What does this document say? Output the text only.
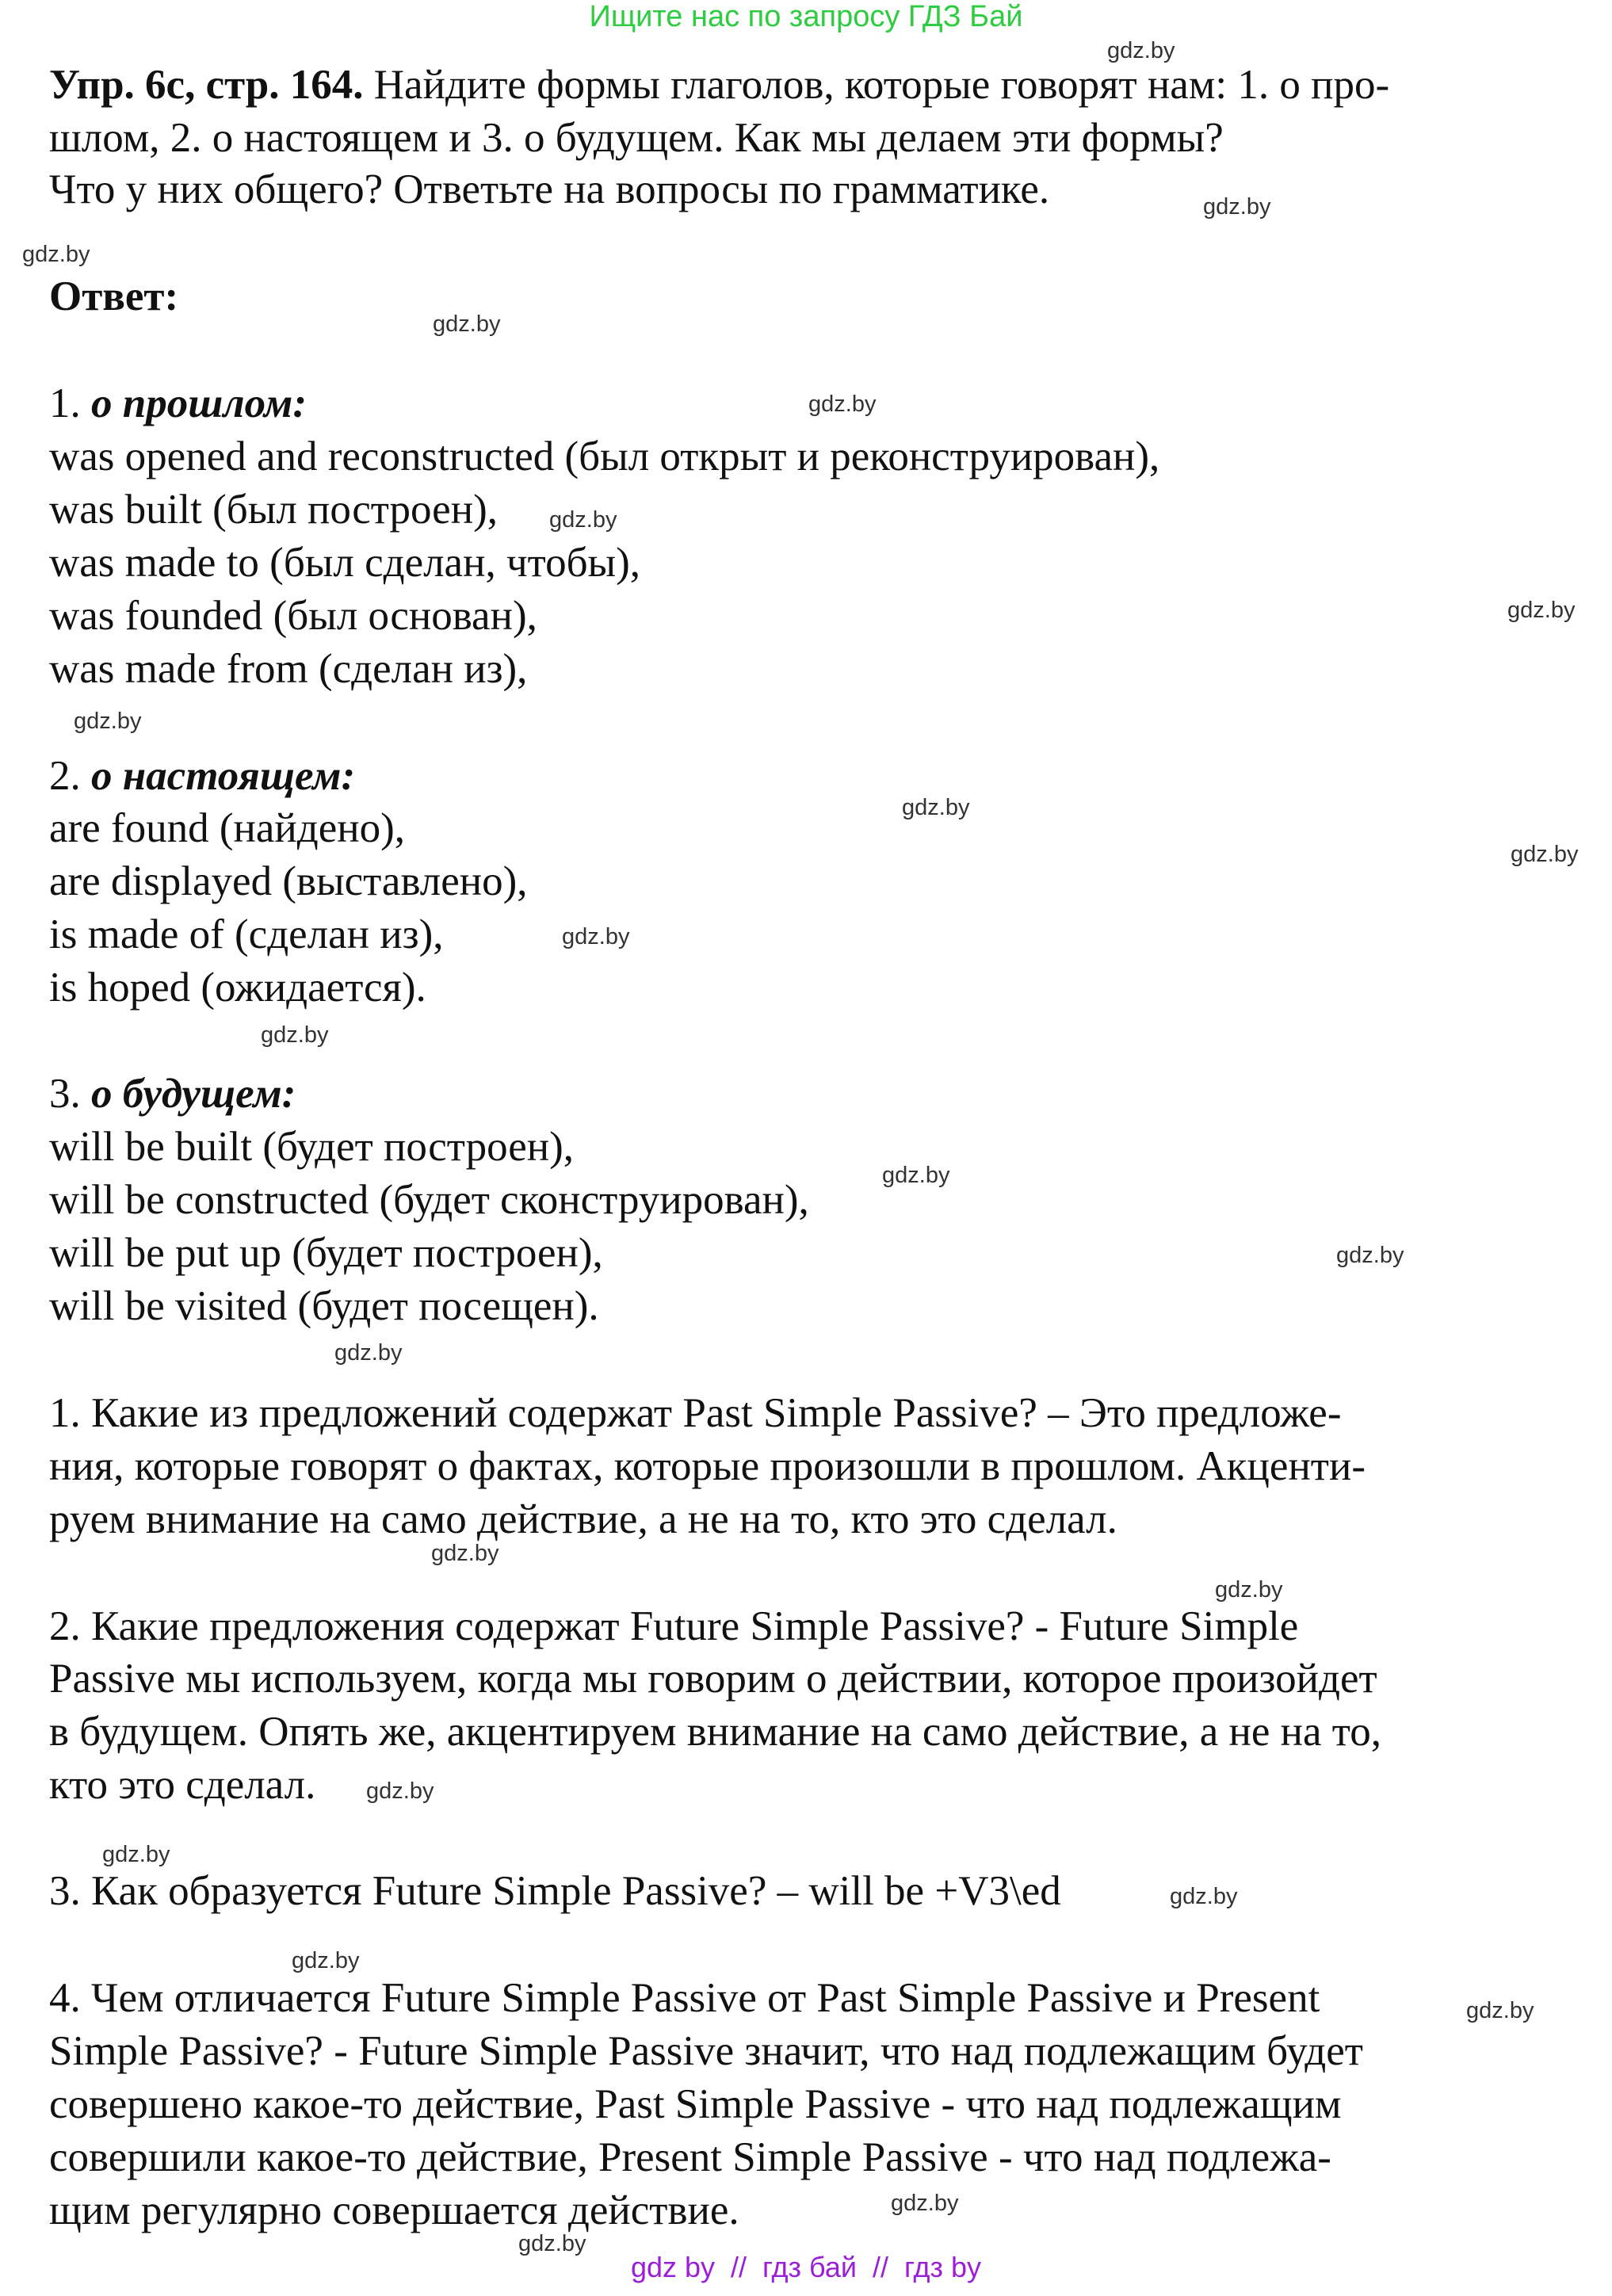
Ищите нас по запросу ГДЗ Бай
Упр. 6с, стр. 164. Найдите формы глаголов, которые говорят нам: 1. о про-
шлом, 2. о настоящем и 3. о будущем. Как мы делаем эти формы?
Что у них общего? Ответьте на вопросы по грамматике.
Ответ:
1. о прошлом:
was opened and reconstructed (был открыт и реконструирован),
was built (был построен),
was made to (был сделан, чтобы),
was founded (был основан),
was made from (сделан из),
2. о настоящем:
are found (найдено),
are displayed (выставлено),
is made of (сделан из),
is hoped (ожидается).
3. о будущем:
will be built (будет построен),
will be constructed (будет сконструирован),
will be put up (будет построен),
will be visited (будет посещен).
1. Какие из предложений содержат Past Simple Passive? – Это предложе-
ния, которые говорят о фактах, которые произошли в прошлом. Акценти-
руем внимание на само действие, а не на то, кто это сделал.
2. Какие предложения содержат Future Simple Passive? - Future Simple
Passive мы используем, когда мы говорим о действии, которое произойдет
в будущем. Опять же, акцентируем внимание на само действие, а не на то,
кто это сделал.
3. Как образуется Future Simple Passive? – will be +V3\ed
4. Чем отличается Future Simple Passive от Past Simple Passive и Present
Simple Passive? - Future Simple Passive значит, что над подлежащим будет
совершено какое-то действие, Past Simple Passive - что над подлежащим
совершили какое-то действие, Present Simple Passive - что над подлежа-
щим регулярно совершается действие.
gdz.by
gdz.by
gdz.by
gdz.by
gdz.by
gdz.by
gdz.by
gdz.by
gdz.by
gdz.by
gdz.by
gdz.by
gdz.by
gdz.by
gdz.by
gdz.by
gdz.by
gdz.by
gdz.by
gdz.by
gdz.by
gdz.by
gdz.by
gdz.by
gdz by  //  гдз бай  //  гдз by
